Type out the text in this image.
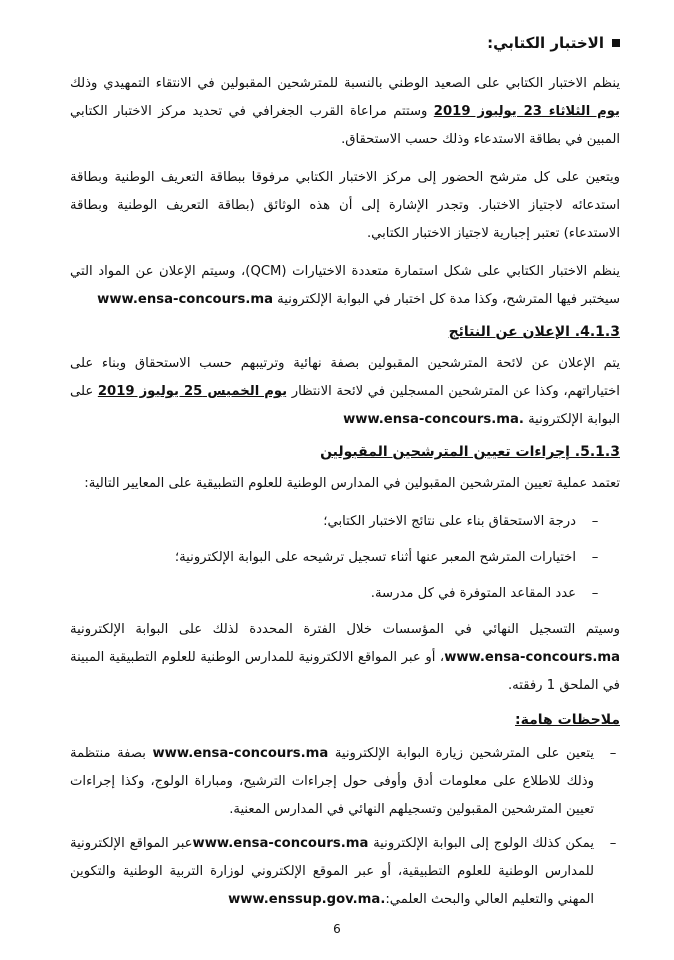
الاختبار الكتابي:

ينظم الاختبار الكتابي على الصعيد الوطني بالنسبة للمترشحين المقبولين في الانتقاء التمهيدي وذلك يوم الثلاثاء 23 يوليوز 2019 وستتم مراعاة القرب الجغرافي في تحديد مركز الاختبار الكتابي المبين في بطاقة الاستدعاء وذلك حسب الاستحقاق.

ويتعين على كل مترشح الحضور إلى مركز الاختبار الكتابي مرفوقا ببطاقة التعريف الوطنية وبطاقة استدعائه لاجتياز الاختبار. وتجدر الإشارة إلى أن هذه الوثائق (بطاقة التعريف الوطنية وبطاقة الاستدعاء) تعتبر إجبارية لاجتياز الاختبار الكتابي.

ينظم الاختبار الكتابي على شكل استمارة متعددة الاختيارات (QCM)، وسيتم الإعلان عن المواد التي سيختبر فيها المترشح، وكذا مدة كل اختبار في البوابة الإلكترونية www.ensa-concours.ma

4.1.3. الإعلان عن النتائج

يتم الإعلان عن لائحة المترشحين المقبولين بصفة نهائية وترتيبهم حسب الاستحقاق وبناء على اختياراتهم، وكذا عن المترشحين المسجلين في لائحة الانتظار يوم الخميس 25 يوليوز 2019 على البوابة الإلكترونية www.ensa-concours.ma.

5.1.3. إجراءات تعيين المترشحين المقبولين

تعتمد عملية تعيين المترشحين المقبولين في المدارس الوطنية للعلوم التطبيقية على المعايير التالية:

–
درجة الاستحقاق بناء على نتائج الاختبار الكتابي؛
–
اختيارات المترشح المعبر عنها أثناء تسجيل ترشيحه على البوابة الإلكترونية؛
–
عدد المقاعد المتوفرة في كل مدرسة.

وسيتم التسجيل النهائي في المؤسسات خلال الفترة المحددة لذلك على البوابة الإلكترونية www.ensa-concours.ma، أو عبر المواقع الالكترونية للمدارس الوطنية للعلوم التطبيقية المبينة في الملحق 1 رفقته.

ملاحظات هامة:
–
يتعين على المترشحين زيارة البوابة الإلكترونية www.ensa-concours.ma بصفة منتظمة وذلك للاطلاع على معلومات أدق وأوفى حول إجراءات الترشيح، ومباراة الولوج، وكذا إجراءات تعيين المترشحين المقبولين وتسجيلهم النهائي في المدارس المعنية.
–
يمكن كذلك الولوج إلى البوابة الإلكترونية www.ensa-concours.maعبر المواقع الإلكترونية للمدارس الوطنية للعلوم التطبيقية، أو عبر الموقع الإلكتروني لوزارة التربية الوطنية والتكوين المهني والتعليم العالي والبحث العلمي:www.enssup.gov.ma.
6
